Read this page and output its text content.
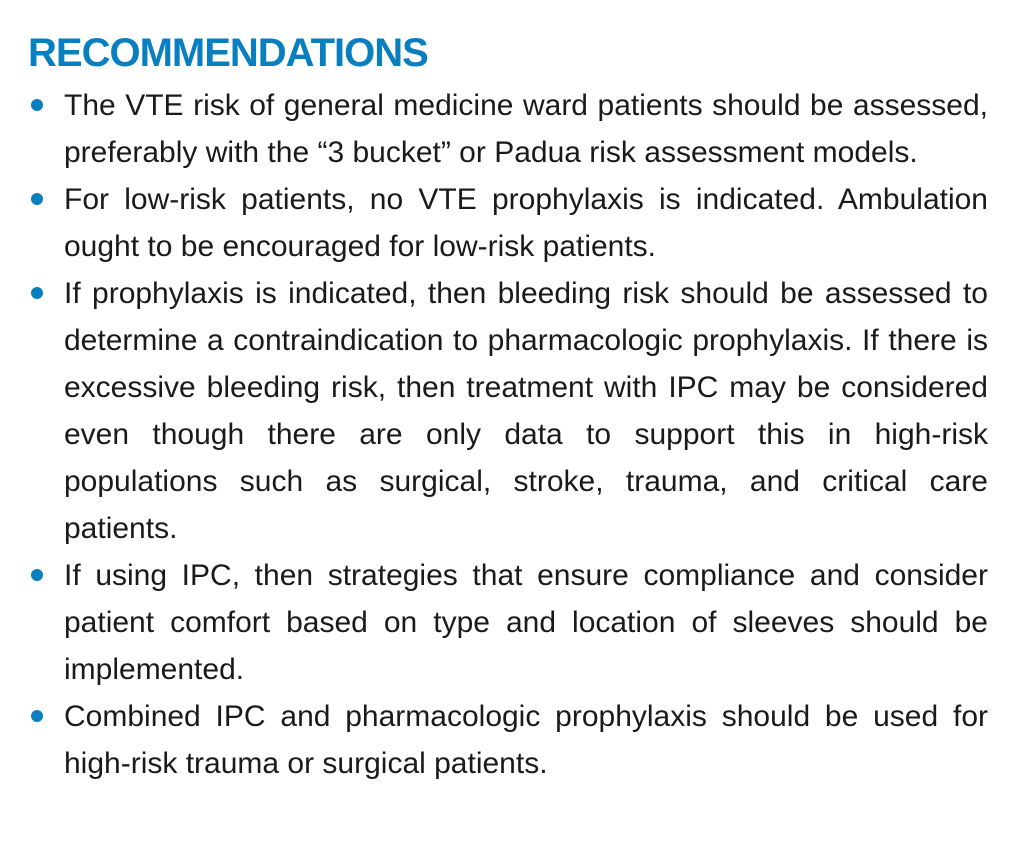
RECOMMENDATIONS
The VTE risk of general medicine ward patients should be assessed, preferably with the “3 bucket” or Padua risk assessment models.
For low-risk patients, no VTE prophylaxis is indicated. Ambulation ought to be encouraged for low-risk patients.
If prophylaxis is indicated, then bleeding risk should be assessed to determine a contraindication to pharmacologic prophylaxis. If there is excessive bleeding risk, then treatment with IPC may be considered even though there are only data to support this in high-risk populations such as surgical, stroke, trauma, and critical care patients.
If using IPC, then strategies that ensure compliance and consider patient comfort based on type and location of sleeves should be implemented.
Combined IPC and pharmacologic prophylaxis should be used for high-risk trauma or surgical patients.
